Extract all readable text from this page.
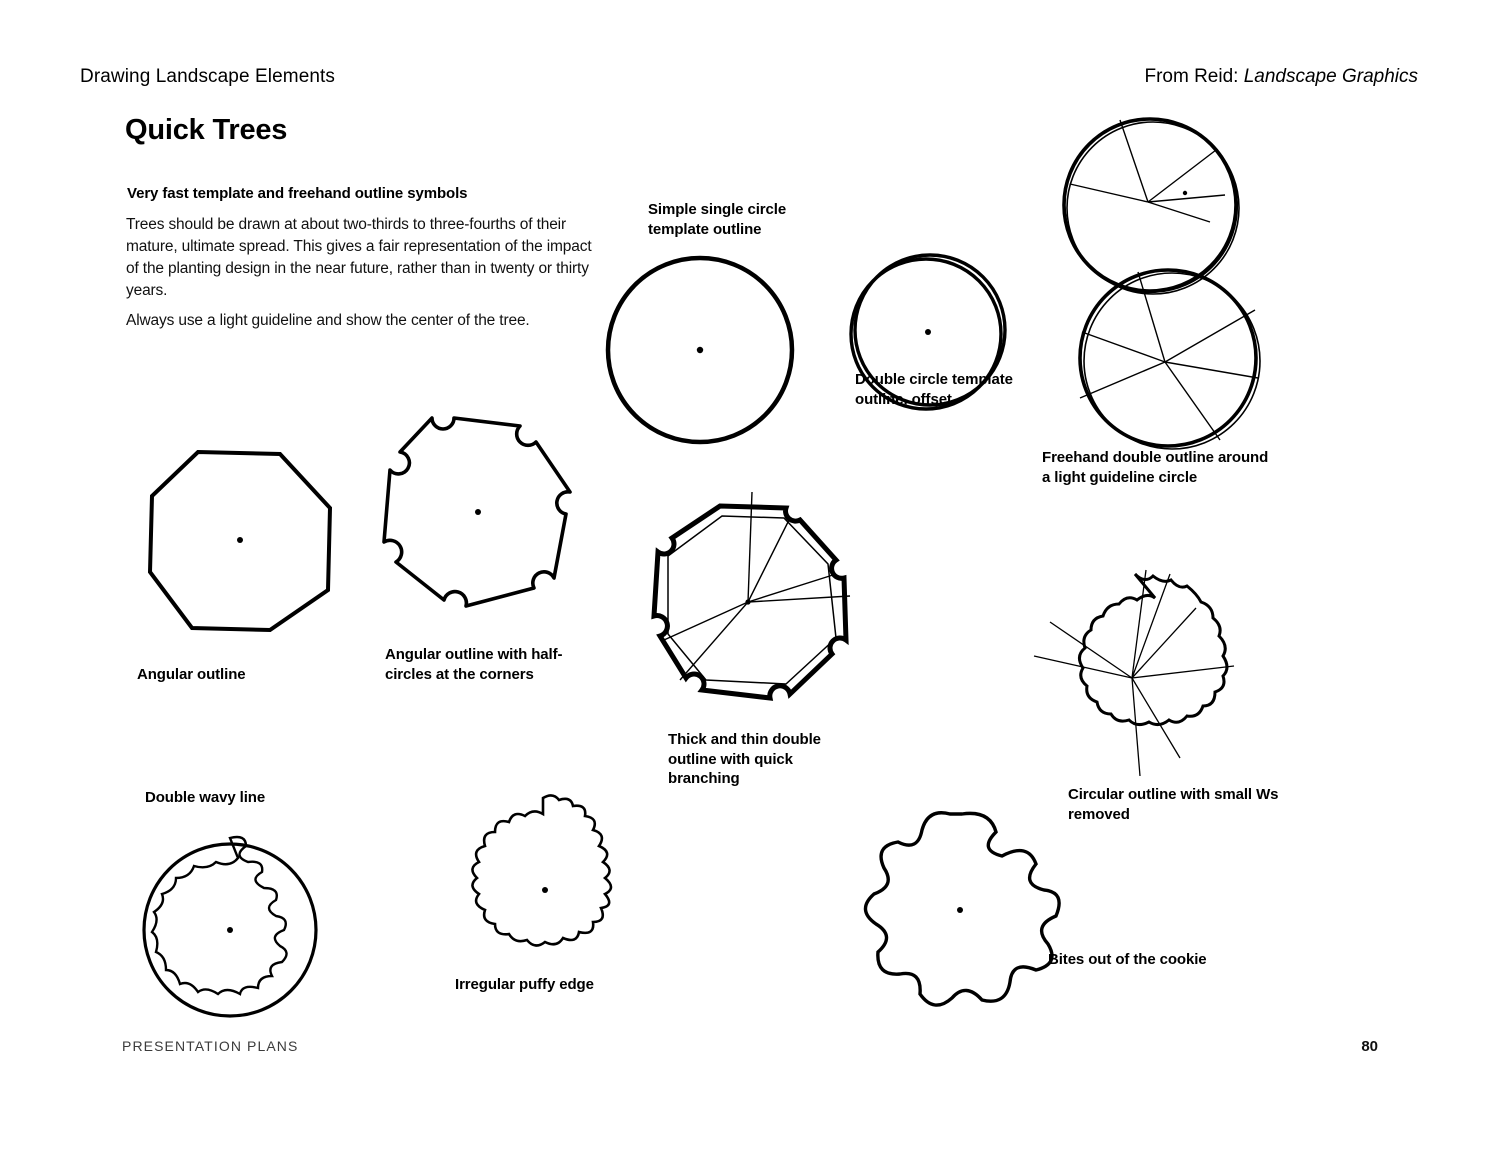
Drawing Landscape Elements	From Reid: Landscape Graphics
Quick Trees
Very fast template and freehand outline symbols
Trees should be drawn at about two-thirds to three-fourths of their mature, ultimate spread. This gives a fair representation of the impact of the planting design in the near future, rather than in twenty or thirty years.
Always use a light guideline and show the center of the tree.
Simple single circle template outline
Double circle template outline, offset
Freehand double outline around a light guideline circle
Angular outline
Angular outline with half-circles at the corners
Thick and thin double outline with quick branching
Circular outline with small Ws removed
Double wavy line
Irregular puffy edge
Bites out of the cookie
PRESENTATION PLANS	80
